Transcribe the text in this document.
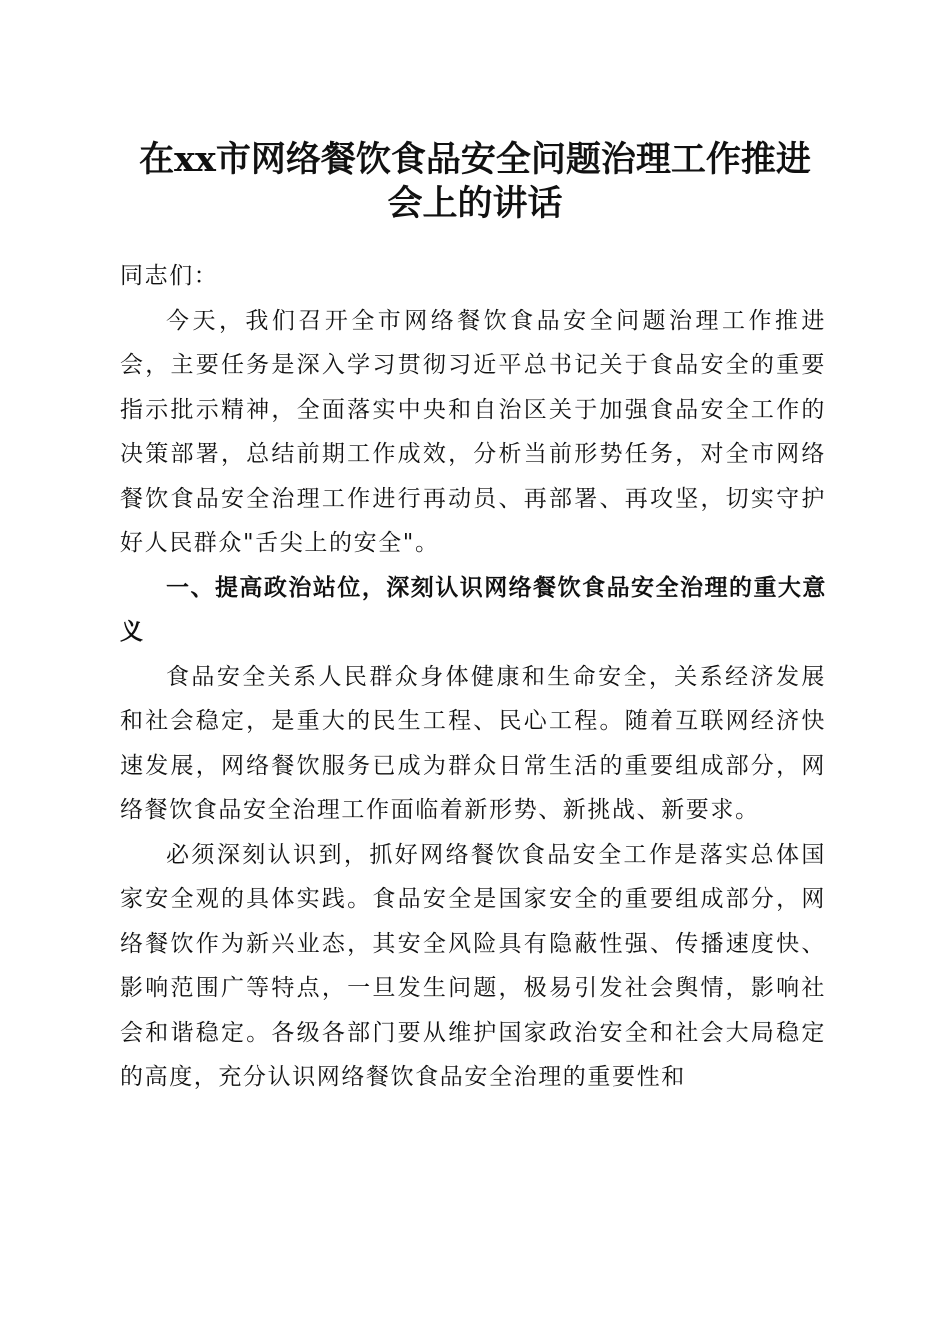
在xx市网络餐饮食品安全问题治理工作推进
会上的讲话

同志们：

今天，我们召开全市网络餐饮食品安全问题治理工作推进会，主要任务是深入学习贯彻习近平总书记关于食品安全的重要指示批示精神，全面落实中央和自治区关于加强食品安全工作的决策部署，总结前期工作成效，分析当前形势任务，对全市网络餐饮食品安全治理工作进行再动员、再部署、再攻坚，切实守护好人民群众"舌尖上的安全"。

一、提高政治站位，深刻认识网络餐饮食品安全治理的重大意义

食品安全关系人民群众身体健康和生命安全，关系经济发展和社会稳定，是重大的民生工程、民心工程。随着互联网经济快速发展，网络餐饮服务已成为群众日常生活的重要组成部分，网络餐饮食品安全治理工作面临着新形势、新挑战、新要求。

必须深刻认识到，抓好网络餐饮食品安全工作是落实总体国家安全观的具体实践。食品安全是国家安全的重要组成部分，网络餐饮作为新兴业态，其安全风险具有隐蔽性强、传播速度快、影响范围广等特点，一旦发生问题，极易引发社会舆情，影响社会和谐稳定。各级各部门要从维护国家政治安全和社会大局稳定的高度，充分认识网络餐饮食品安全治理的重要性和
